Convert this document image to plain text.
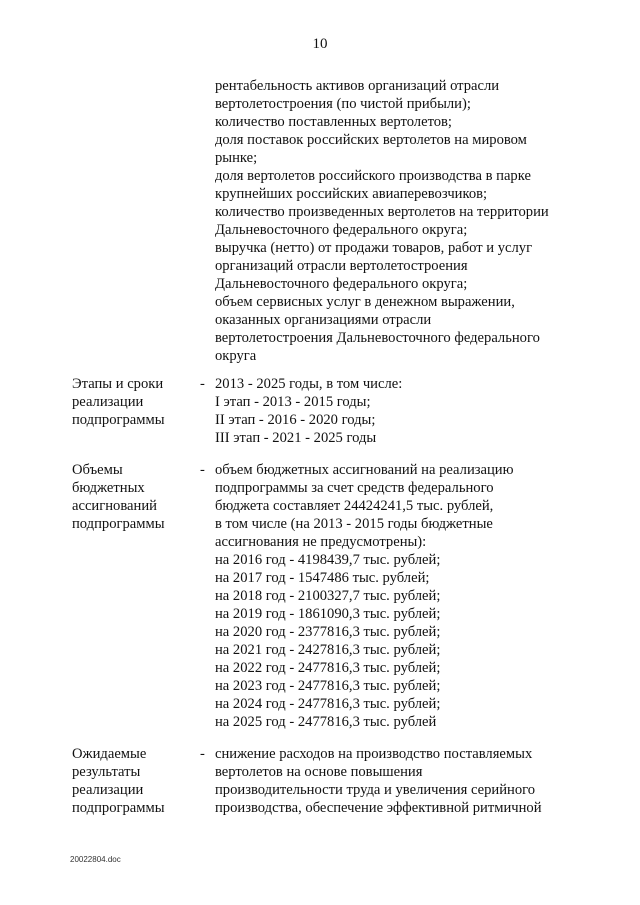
10
рентабельность активов организаций отрасли
вертолетостроения (по чистой прибыли);
количество поставленных вертолетов;
доля поставок российских вертолетов на мировом
рынке;
доля вертолетов российского производства в парке
крупнейших российских авиаперевозчиков;
количество произведенных вертолетов на территории
Дальневосточного федерального округа;
выручка (нетто) от продажи товаров, работ и услуг
организаций отрасли вертолетостроения
Дальневосточного федерального округа;
объем сервисных услуг в денежном выражении,
оказанных организациями отрасли
вертолетостроения Дальневосточного федерального
округа
Этапы и сроки
реализации
подпрограммы
- 2013 - 2025 годы, в том числе:
I этап - 2013 - 2015 годы;
II этап - 2016 - 2020 годы;
III этап - 2021 - 2025 годы
Объемы
бюджетных
ассигнований
подпрограммы
- объем бюджетных ассигнований на реализацию
подпрограммы за счет средств федерального
бюджета составляет 24424241,5 тыс. рублей,
в том числе (на 2013 - 2015 годы бюджетные
ассигнования не предусмотрены):
на 2016 год - 4198439,7 тыс. рублей;
на 2017 год - 1547486 тыс. рублей;
на 2018 год - 2100327,7 тыс. рублей;
на 2019 год - 1861090,3 тыс. рублей;
на 2020 год - 2377816,3 тыс. рублей;
на 2021 год - 2427816,3 тыс. рублей;
на 2022 год - 2477816,3 тыс. рублей;
на 2023 год - 2477816,3 тыс. рублей;
на 2024 год - 2477816,3 тыс. рублей;
на 2025 год - 2477816,3 тыс. рублей
Ожидаемые
результаты
реализации
подпрограммы
- снижение расходов на производство поставляемых
вертолетов на основе повышения
производительности труда и увеличения серийного
производства, обеспечение эффективной ритмичной
20022804.doc
